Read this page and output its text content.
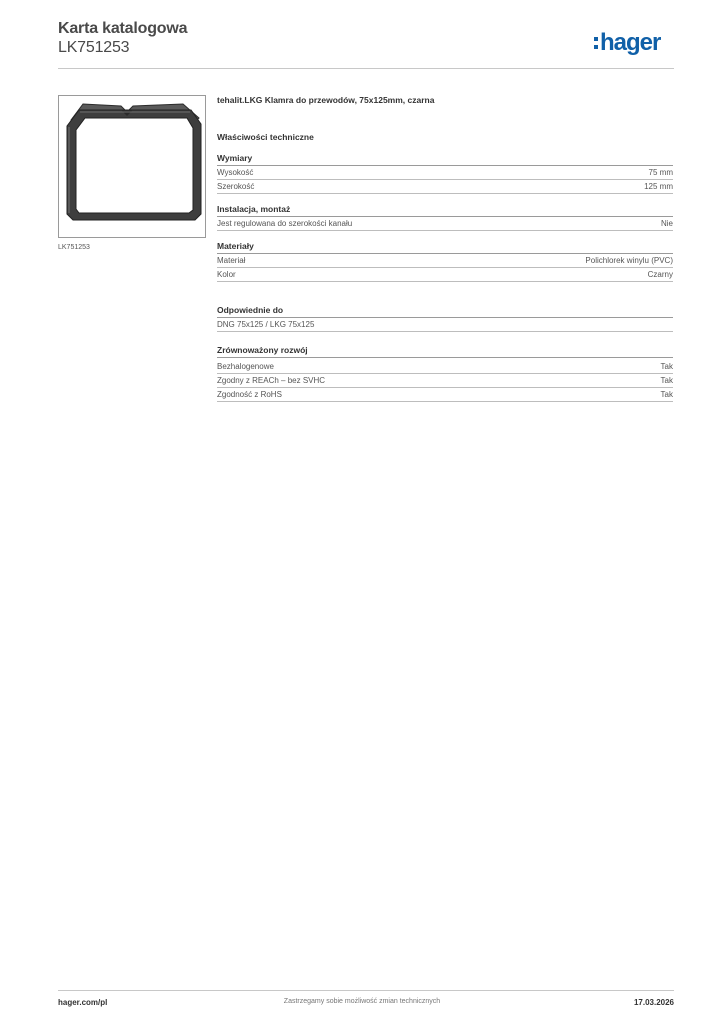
Karta katalogowa
LK751253	hager
LK751253
tehalit.LKG Klamra do przewodów, 75x125mm, czarna
Właściwości techniczne
Wymiary
Wysokość	75 mm
Szerokość	125 mm
Instalacja, montaż
Jest regulowana do szerokości kanału	Nie
Materiały
Materiał	Polichlorek winylu (PVC)
Kolor	Czarny
Odpowiednie do
DNG 75x125 / LKG 75x125
Zrównoważony rozwój
Bezhalogenowe	Tak
Zgodny z REACh – bez SVHC	Tak
Zgodność z RoHS	Tak
hager.com/pl	Zastrzegamy sobie możliwość zmian technicznych	17.03.2026
